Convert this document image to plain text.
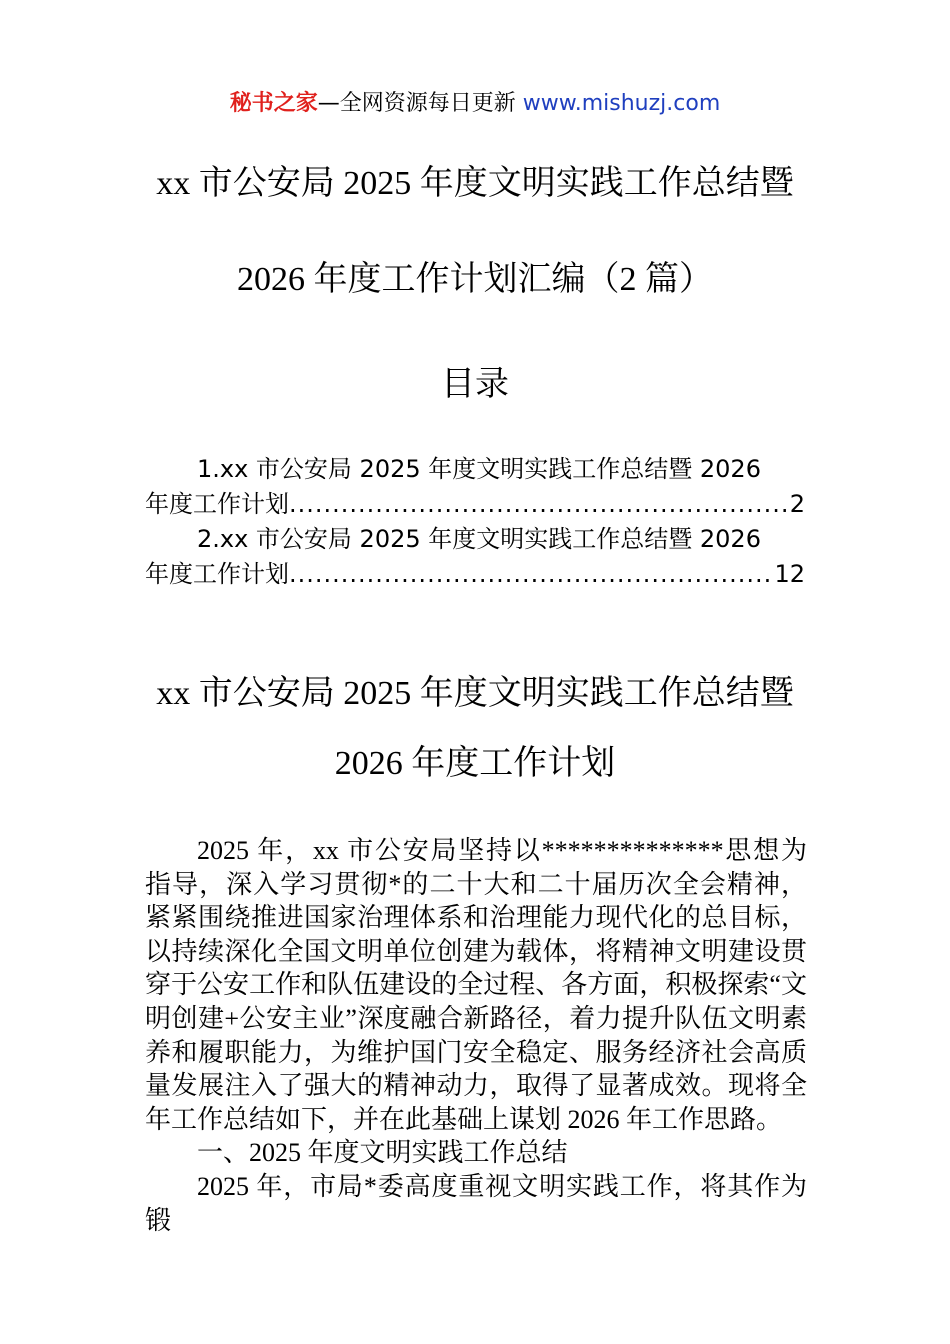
秘书之家—全网资源每日更新 www.mishuzj.com
xx 市公安局 2025 年度文明实践工作总结暨
2026 年度工作计划汇编（2 篇）
目录
1.xx 市公安局 2025 年度文明实践工作总结暨 2026
年度工作计划 .....	2
2.xx 市公安局 2025 年度文明实践工作总结暨 2026
年度工作计划 .....	12
xx 市公安局 2025 年度文明实践工作总结暨
2026 年度工作计划

2025 年，xx 市公安局坚持以**************思想为指导，深入学习贯彻*的二十大和二十届历次全会精神，紧紧围绕推进国家治理体系和治理能力现代化的总目标，以持续深化全国文明单位创建为载体，将精神文明建设贯穿于公安工作和队伍建设的全过程、各方面，积极探索“文明创建+公安主业”深度融合新路径，着力提升队伍文明素养和履职能力，为维护国门安全稳定、服务经济社会高质量发展注入了强大的精神动力，取得了显著成效。现将全年工作总结如下，并在此基础上谋划 2026 年工作思路。

一、2025 年度文明实践工作总结

2025 年，市局*委高度重视文明实践工作，将其作为锻
